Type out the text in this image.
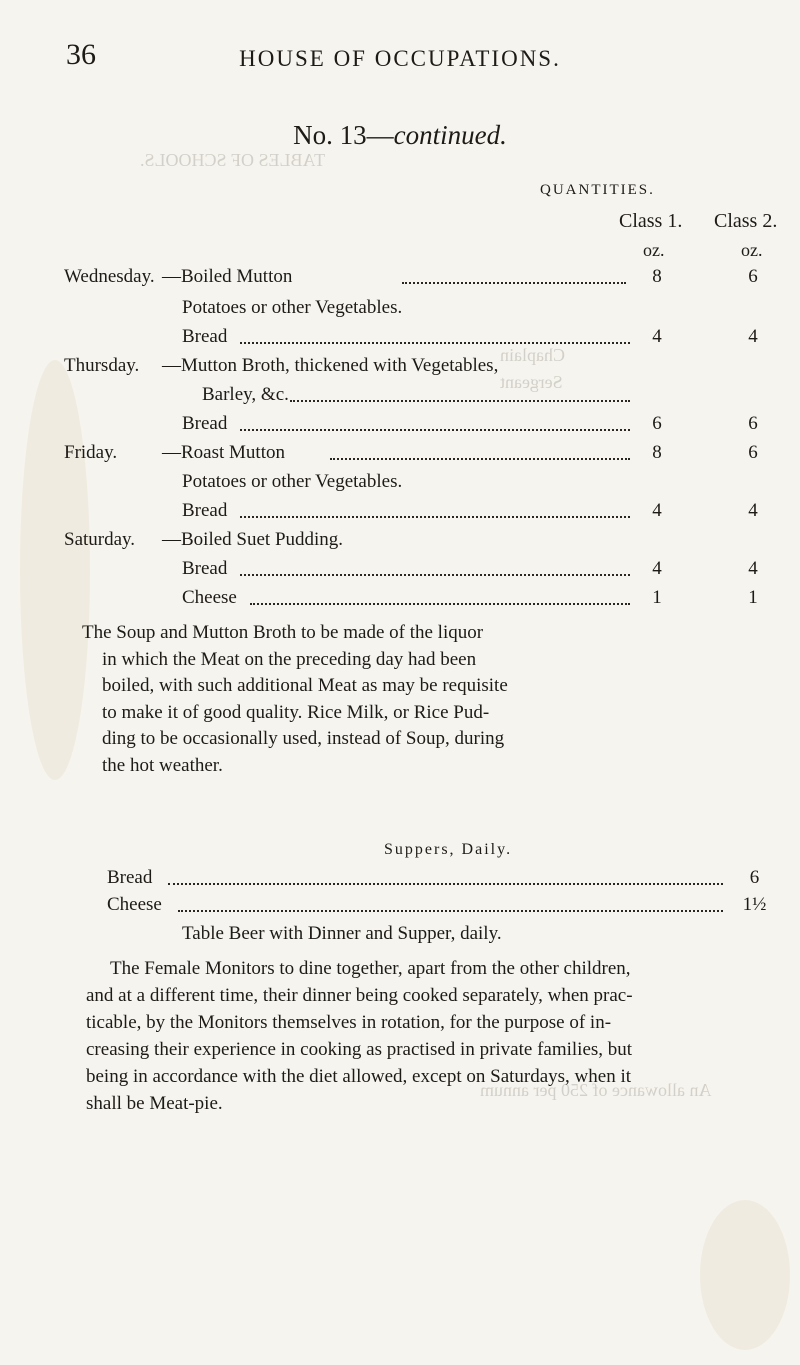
TABLES OF SCHOOLS.
Chaplain
Sergeant
An allowance of 250 per annum
36	HOUSE OF OCCUPATIONS.
No. 13—continued.
QUANTITIES.
Class 1. Class 2.
oz.	oz.
Wednesday. —Boiled Mutton	8	6
Potatoes or other Vegetables.
Bread	4	4
Thursday. —Mutton Broth, thickened with Vegetables,
Barley, &c.
Bread	6	6
Friday. —Roast Mutton	8	6
Potatoes or other Vegetables.
Bread	4	4
Saturday. —Boiled Suet Pudding.
Bread	4	4
Cheese	1	1
The Soup and Mutton Broth to be made of the liquor
in which the Meat on the preceding day had been
boiled, with such additional Meat as may be requisite
to make it of good quality. Rice Milk, or Rice Pud-
ding to be occasionally used, instead of Soup, during
the hot weather.
Suppers, Daily.
Bread	6
Cheese	1½
Table Beer with Dinner and Supper, daily.
The Female Monitors to dine together, apart from the other children,
and at a different time, their dinner being cooked separately, when prac-
ticable, by the Monitors themselves in rotation, for the purpose of in-
creasing their experience in cooking as practised in private families, but
being in accordance with the diet allowed, except on Saturdays, when it
shall be Meat-pie.
